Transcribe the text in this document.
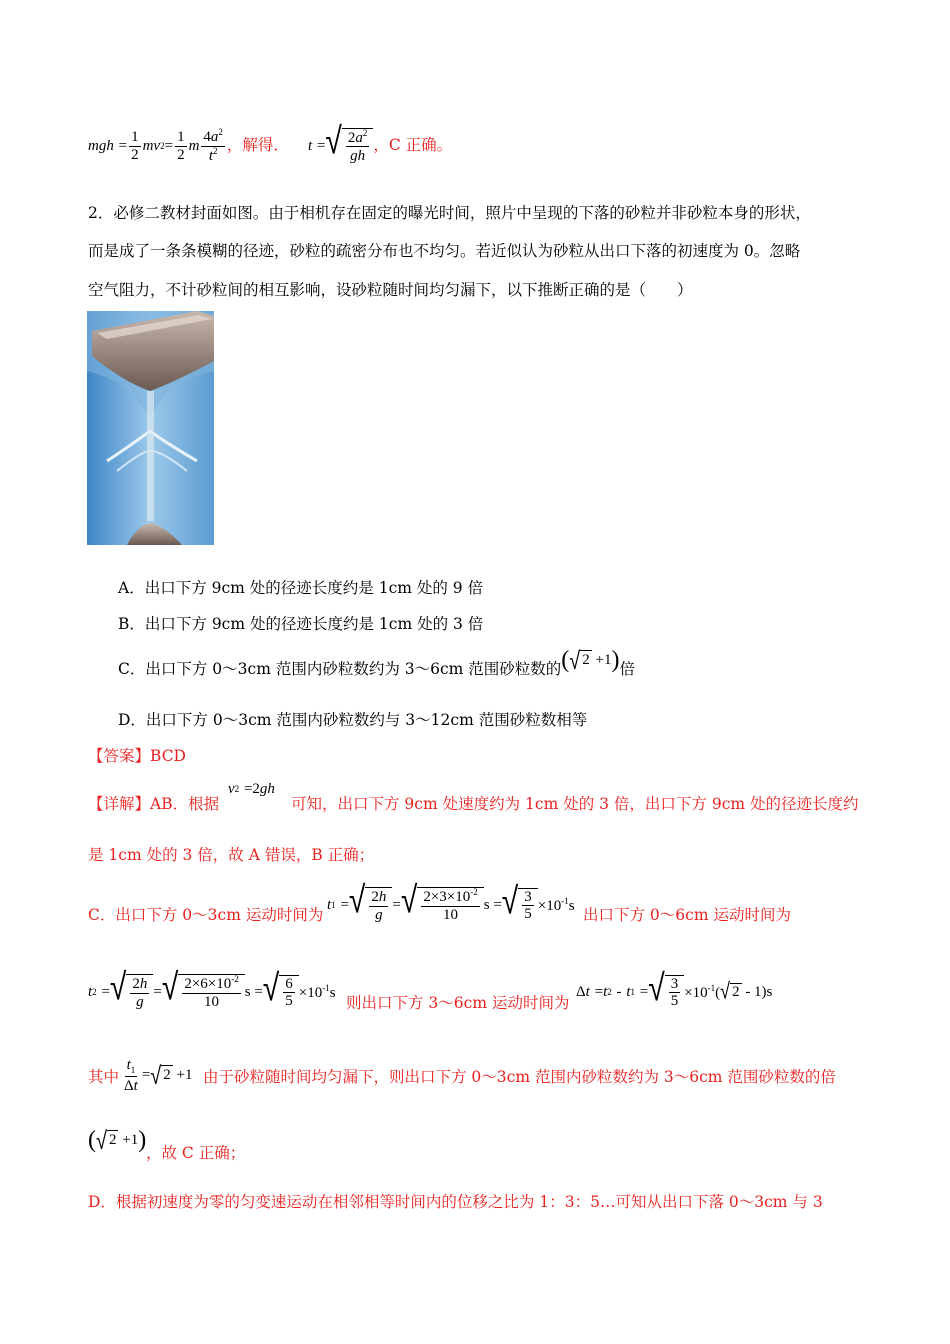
mgh
= $\frac{1}{2}$ mv $2 = \frac{1}{2}$ m $\frac{4a^2}{t^2}$ ，解得．
t
= √ $\frac{2a^2}{gh}$ ，C 正确。
2．必修二教材封面如图。由于相机存在固定的曝光时间，照片中呈现的下落的砂粒并非砂粒本身的形状，
而是成了一条条模糊的径迹，砂粒的疏密分布也不均匀。若近似认为砂粒从出口下落的初速度为 0。忽略
空气阻力，不计砂粒间的相互影响，设砂粒随时间均匀漏下，以下推断正确的是（　　）
A．出口下方 9cm 处的径迹长度约是 1cm 处的 9 倍
B．出口下方 9cm 处的径迹长度约是 1cm 处的 3 倍
C．出口下方 0～3cm 范围内砂粒数约为 3～6cm 范围砂粒数的 ( √ 2 +1 ) 倍
D．出口下方 0～3cm 范围内砂粒数约与 3～12cm 范围砂粒数相等
【答案】BCD
【详解】AB．根据
v 2
=2 gh
可知，出口下方 9cm 处速度约为 1cm 处的 3 倍，出口下方 9cm 处的径迹长度约
是 1cm 处的 3 倍，故 A 错误，B 正确；
C．出口下方 0～3cm 运动时间为
t 1
= √ $\frac{2h}{g}$ = √ $\frac{2\times 3\times 10^{-2}}{10}$ s = √ $\frac{3}{5} \times 10^{-1}s$
出口下方 0～6cm 运动时间为
t 2
= √ $\frac{2h}{g}$ = √ $\frac{2\times 6\times 10^{-2}}{10}$ s = √ $\frac{6}{5} \times 10^{-1}s$
则出口下方 3～6cm 运动时间为
Δ t
= t 2
-
t 1
= √ $\frac{3}{5} \times 10^{-1}$( √ 2 - 1)s
其中 $\frac{t_1}{\Delta t}$ = √ 2 +1 由于砂粒随时间均匀漏下，则出口下方 0～3cm 范围内砂粒数约为 3～6cm 范围砂粒数的倍
( √ 2 +1 )
，故 C 正确；
D．根据初速度为零的匀变速运动在相邻相等时间内的位移之比为 1：3：5…可知从出口下落 0～3cm 与 3
